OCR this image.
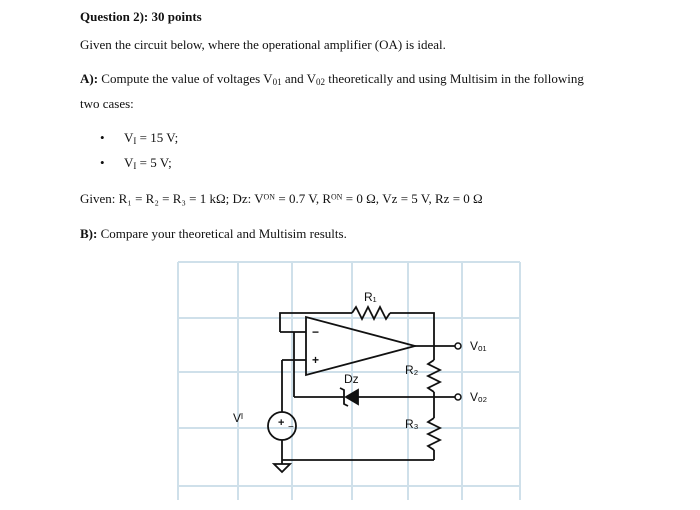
Question 2): 30 points
Given the circuit below, where the operational amplifier (OA) is ideal.
A): Compute the value of voltages $V_{01}$ and $V_{02}$ theoretically and using Multisim in the following
two cases:
• $V_I = 15$ V;
• $V_I = 5$ V;
Given: R₁ = R₂ = R₃ = 1 kΩ; Dᴢ: Vᴼᴺ = 0.7 V, Rᴼᴺ = 0 Ω, Vᴢ = 5 V, Rᴢ = 0 Ω
B): Compare your theoretical and Multisim results.
R₁
R₂
R₃
Dᴢ
Vᴵ
Vₒ₁
Vₒ₂
−
+
+ −
